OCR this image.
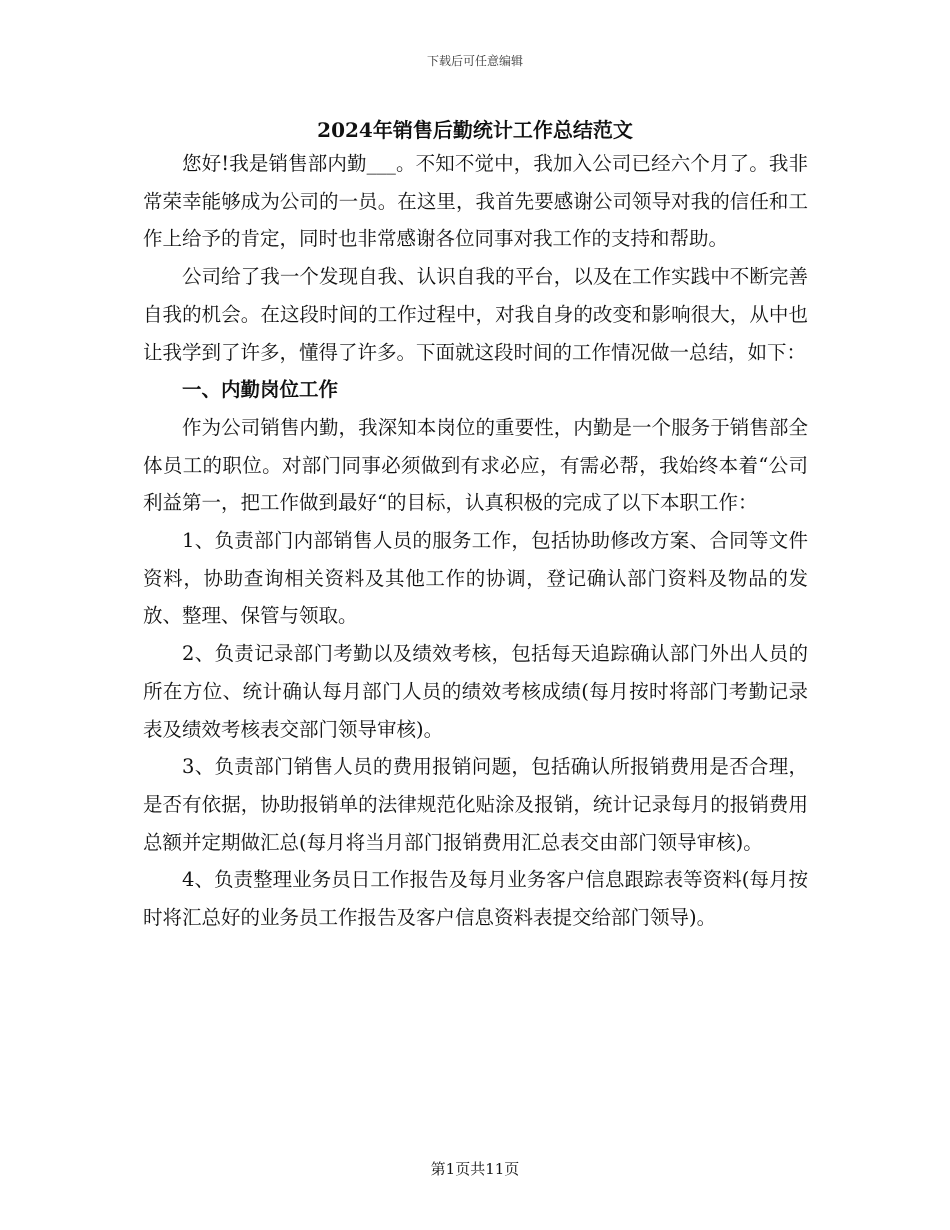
下载后可任意编辑
2024年销售后勤统计工作总结范文

您好!我是销售部内勤___。不知不觉中，我加入公司已经六个月了。我非常荣幸能够成为公司的一员。在这里，我首先要感谢公司领导对我的信任和工作上给予的肯定，同时也非常感谢各位同事对我工作的支持和帮助。

公司给了我一个发现自我、认识自我的平台，以及在工作实践中不断完善自我的机会。在这段时间的工作过程中，对我自身的改变和影响很大，从中也让我学到了许多，懂得了许多。下面就这段时间的工作情况做一总结，如下：

一、内勤岗位工作

作为公司销售内勤，我深知本岗位的重要性，内勤是一个服务于销售部全体员工的职位。对部门同事必须做到有求必应，有需必帮，我始终本着“公司利益第一，把工作做到最好“的目标，认真积极的完成了以下本职工作：

1、负责部门内部销售人员的服务工作，包括协助修改方案、合同等文件资料，协助查询相关资料及其他工作的协调，登记确认部门资料及物品的发放、整理、保管与领取。

2、负责记录部门考勤以及绩效考核，包括每天追踪确认部门外出人员的所在方位、统计确认每月部门人员的绩效考核成绩(每月按时将部门考勤记录表及绩效考核表交部门领导审核)。

3、负责部门销售人员的费用报销问题，包括确认所报销费用是否合理，是否有依据，协助报销单的法律规范化贴涂及报销，统计记录每月的报销费用总额并定期做汇总(每月将当月部门报销费用汇总表交由部门领导审核)。

4、负责整理业务员日工作报告及每月业务客户信息跟踪表等资料(每月按时将汇总好的业务员工作报告及客户信息资料表提交给部门领导)。

第1页共11页
